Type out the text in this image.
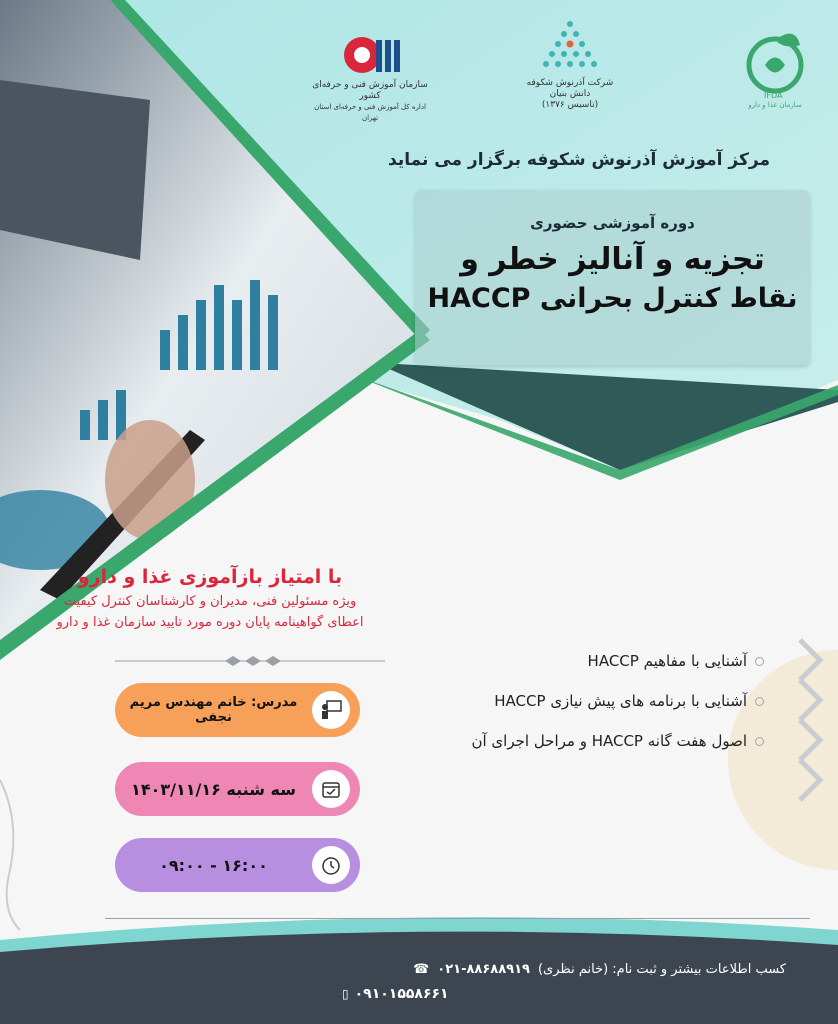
سازمان آموزش فنی و حرفه‌ای کشور
اداره کل آموزش فنی و حرفه‌ای استان تهران
شرکت آذرنوش شکوفه
دانش بنیان
(تاسیس ۱۳۷۶)
IFDA
سازمان غذا و دارو
مرکز آموزش آذرنوش شکوفه برگزار می نماید
دوره آموزشی حضوری
تجزیه و آنالیز خطر و
نقاط کنترل بحرانی HACCP
با امتیاز بازآموزی غذا و دارو
ویژه مسئولین فنی، مدیران و کارشناسان کنترل کیفیت
اعطای گواهینامه پایان دوره مورد تایید سازمان غذا و دارو
آشنایی با مفاهیم HACCP
آشنایی با برنامه های پیش نیازی HACCP
اصول هفت گانه HACCP و مراحل اجرای آن
مدرس: خانم مهندس مریم نجفی
سه شنبه ۱۴۰۳/۱۱/۱۶
۱۶:۰۰ - ۰۹:۰۰
کسب اطلاعات بیشتر و ثبت نام: (خانم نظری)
۰۲۱-۸۸۶۸۸۹۱۹
☎
۰۹۱۰۱۵۵۸۶۶۱
▯
